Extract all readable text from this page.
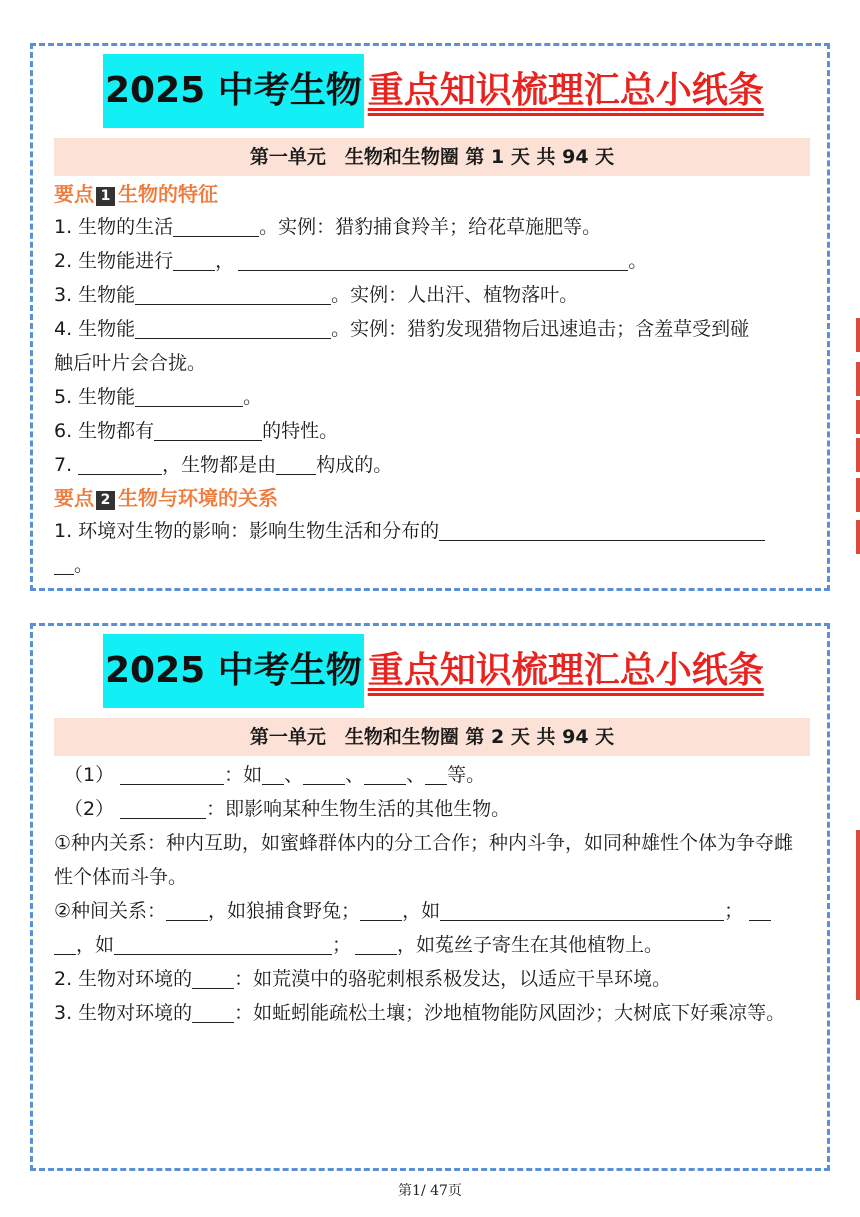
2025 中考生物 重点知识梳理汇总小纸条
第一单元　生物和生物圈 第 1 天 共 94 天
要点 1 生物的特征
1. 生物的生活	。实例：猎豹捕食羚羊；给花草施肥等。
2. 生物能进行 ，	。
3. 生物能	。实例：人出汗、植物落叶。
4. 生物能	。实例：猎豹发现猎物后迅速追击；含羞草受到碰
触后叶片会合拢。
5. 生物能	。
6. 生物都有	的特性。
7.	，生物都是由 构成的。
要点 2 生物与环境的关系
1. 环境对生物的影响：影响生物生活和分布的
。
2025 中考生物 重点知识梳理汇总小纸条
第一单元　生物和生物圈 第 2 天 共 94 天
（1）	：如 、 、 、 等。
（2）	：即影响某种生物生活的其他生物。
①种内关系：种内互助，如蜜蜂群体内的分工合作；种内斗争，如同种雄性个体为争夺雌性个体而斗争。
②种间关系： ，如狼捕食野兔； ，如	；
，如	； ，如菟丝子寄生在其他植物上。
2. 生物对环境的 ：如荒漠中的骆驼刺根系极发达，以适应干旱环境。
3. 生物对环境的 ：如蚯蚓能疏松土壤；沙地植物能防风固沙；大树底下好乘凉等。
第1/ 47页
